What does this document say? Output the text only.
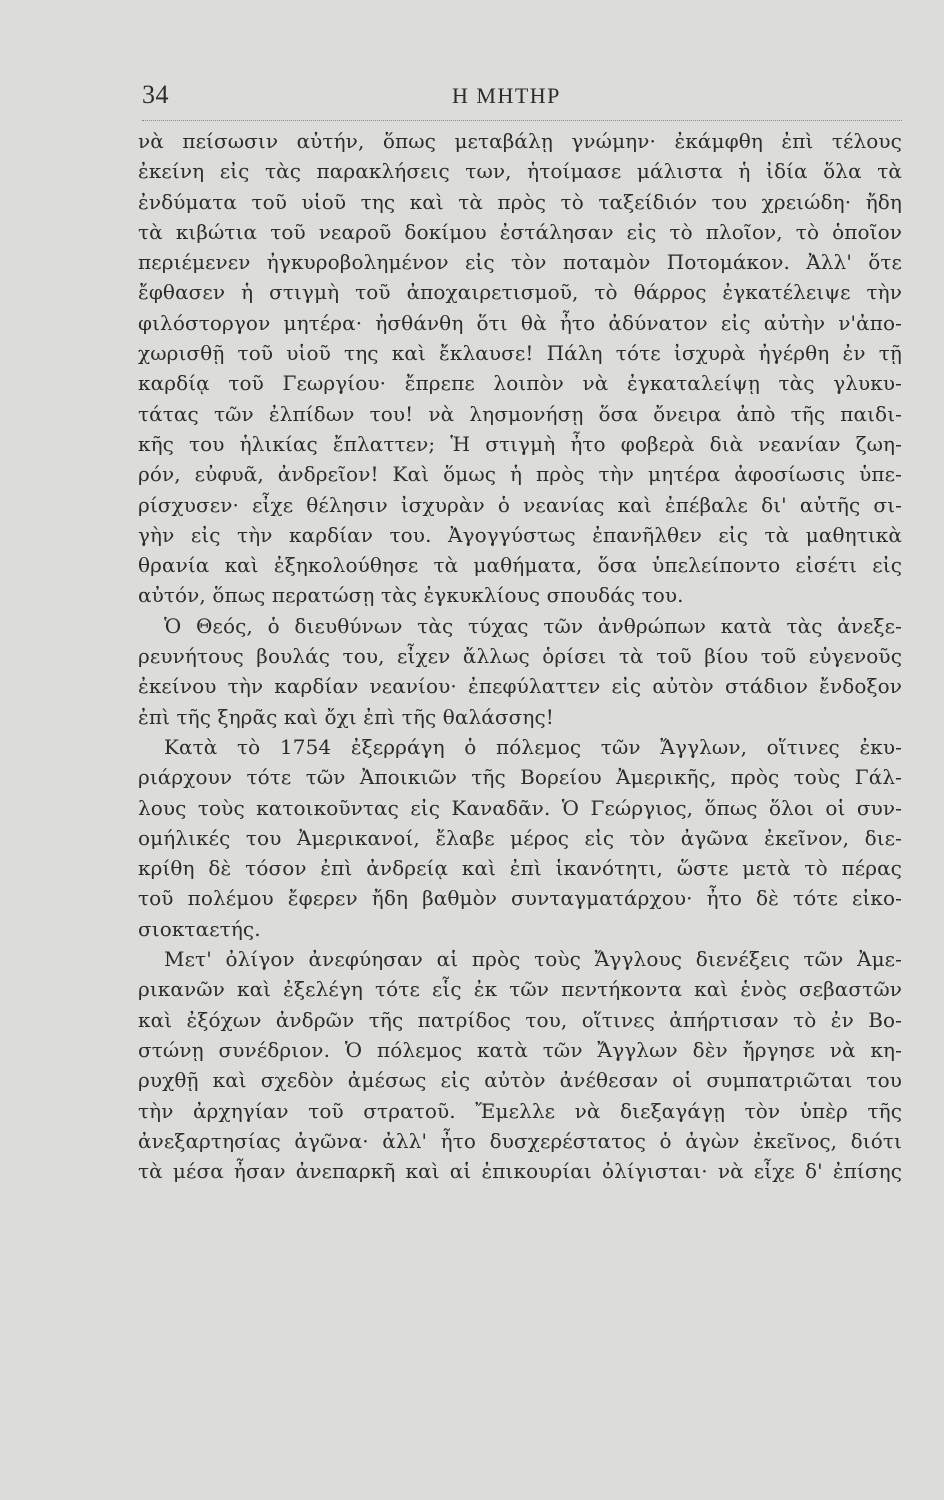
34	Η ΜΗΤΗΡ
νὰ πείσωσιν αὐτήν, ὅπως μεταβάλῃ γνώμην· ἐκάμφθη ἐπὶ τέλους
ἐκείνη εἰς τὰς παρακλήσεις των, ἡτοίμασε μάλιστα ἡ ἰδία ὅλα τὰ
ἐνδύματα τοῦ υἱοῦ της καὶ τὰ πρὸς τὸ ταξείδιόν του χρειώδη· ἤδη
τὰ κιβώτια τοῦ νεαροῦ δοκίμου ἐστάλησαν εἰς τὸ πλοῖον, τὸ ὁποῖον
περιέμενεν ἠγκυροβολημένον εἰς τὸν ποταμὸν Ποτομάκον. Ἀλλ' ὅτε
ἔφθασεν ἡ στιγμὴ τοῦ ἀποχαιρετισμοῦ, τὸ θάρρος ἐγκατέλειψε τὴν
φιλόστοργον μητέρα· ἠσθάνθη ὅτι θὰ ἦτο ἀδύνατον εἰς αὐτὴν ν'ἀπο-
χωρισθῇ τοῦ υἱοῦ της καὶ ἔκλαυσε! Πάλη τότε ἰσχυρὰ ἠγέρθη ἐν τῇ
καρδίᾳ τοῦ Γεωργίου· ἔπρεπε λοιπὸν νὰ ἐγκαταλείψῃ τὰς γλυκυ-
τάτας τῶν ἐλπίδων του! νὰ λησμονήσῃ ὅσα ὄνειρα ἀπὸ τῆς παιδι-
κῆς του ἡλικίας ἔπλαττεν; Ἡ στιγμὴ ἦτο φοβερὰ διὰ νεανίαν ζωη-
ρόν, εὐφυᾶ, ἀνδρεῖον! Καὶ ὅμως ἡ πρὸς τὴν μητέρα ἀφοσίωσις ὑπε-
ρίσχυσεν· εἶχε θέλησιν ἰσχυρὰν ὁ νεανίας καὶ ἐπέβαλε δι' αὐτῆς σι-
γὴν εἰς τὴν καρδίαν του. Ἀγογγύστως ἐπανῆλθεν εἰς τὰ μαθητικὰ
θρανία καὶ ἐξηκολούθησε τὰ μαθήματα, ὅσα ὑπελείποντο εἰσέτι εἰς
αὐτόν, ὅπως περατώσῃ τὰς ἐγκυκλίους σπουδάς του.
Ὁ Θεός, ὁ διευθύνων τὰς τύχας τῶν ἀνθρώπων κατὰ τὰς ἀνεξε-
ρευνήτους βουλάς του, εἶχεν ἄλλως ὁρίσει τὰ τοῦ βίου τοῦ εὐγενοῦς
ἐκείνου τὴν καρδίαν νεανίου· ἐπεφύλαττεν εἰς αὐτὸν στάδιον ἔνδοξον
ἐπὶ τῆς ξηρᾶς καὶ ὄχι ἐπὶ τῆς θαλάσσης!
Κατὰ τὸ 1754 ἐξερράγη ὁ πόλεμος τῶν Ἄγγλων, οἵτινες ἐκυ-
ριάρχουν τότε τῶν Ἀποικιῶν τῆς Βορείου Ἀμερικῆς, πρὸς τοὺς Γάλ-
λους τοὺς κατοικοῦντας εἰς Καναδᾶν. Ὁ Γεώργιος, ὅπως ὅλοι οἱ συν-
ομήλικές του Ἀμερικανοί, ἔλαβε μέρος εἰς τὸν ἀγῶνα ἐκεῖνον, διε-
κρίθη δὲ τόσον ἐπὶ ἀνδρείᾳ καὶ ἐπὶ ἱκανότητι, ὥστε μετὰ τὸ πέρας
τοῦ πολέμου ἔφερεν ἤδη βαθμὸν συνταγματάρχου· ἦτο δὲ τότε εἰκο-
σιοκταετής.
Μετ' ὀλίγον ἀνεφύησαν αἱ πρὸς τοὺς Ἄγγλους διενέξεις τῶν Ἀμε-
ρικανῶν καὶ ἐξελέγη τότε εἷς ἐκ τῶν πεντήκοντα καὶ ἑνὸς σεβαστῶν
καὶ ἐξόχων ἀνδρῶν τῆς πατρίδος του, οἵτινες ἀπήρτισαν τὸ ἐν Βο-
στώνῃ συνέδριον. Ὁ πόλεμος κατὰ τῶν Ἄγγλων δὲν ἤργησε νὰ κη-
ρυχθῇ καὶ σχεδὸν ἀμέσως εἰς αὐτὸν ἀνέθεσαν οἱ συμπατριῶται του
τὴν ἀρχηγίαν τοῦ στρατοῦ. Ἔμελλε νὰ διεξαγάγῃ τὸν ὑπὲρ τῆς
ἀνεξαρτησίας ἀγῶνα· ἀλλ' ἦτο δυσχερέστατος ὁ ἀγὼν ἐκεῖνος, διότι
τὰ μέσα ἦσαν ἀνεπαρκῆ καὶ αἱ ἐπικουρίαι ὀλίγισται· νὰ εἶχε δ' ἐπίσης
